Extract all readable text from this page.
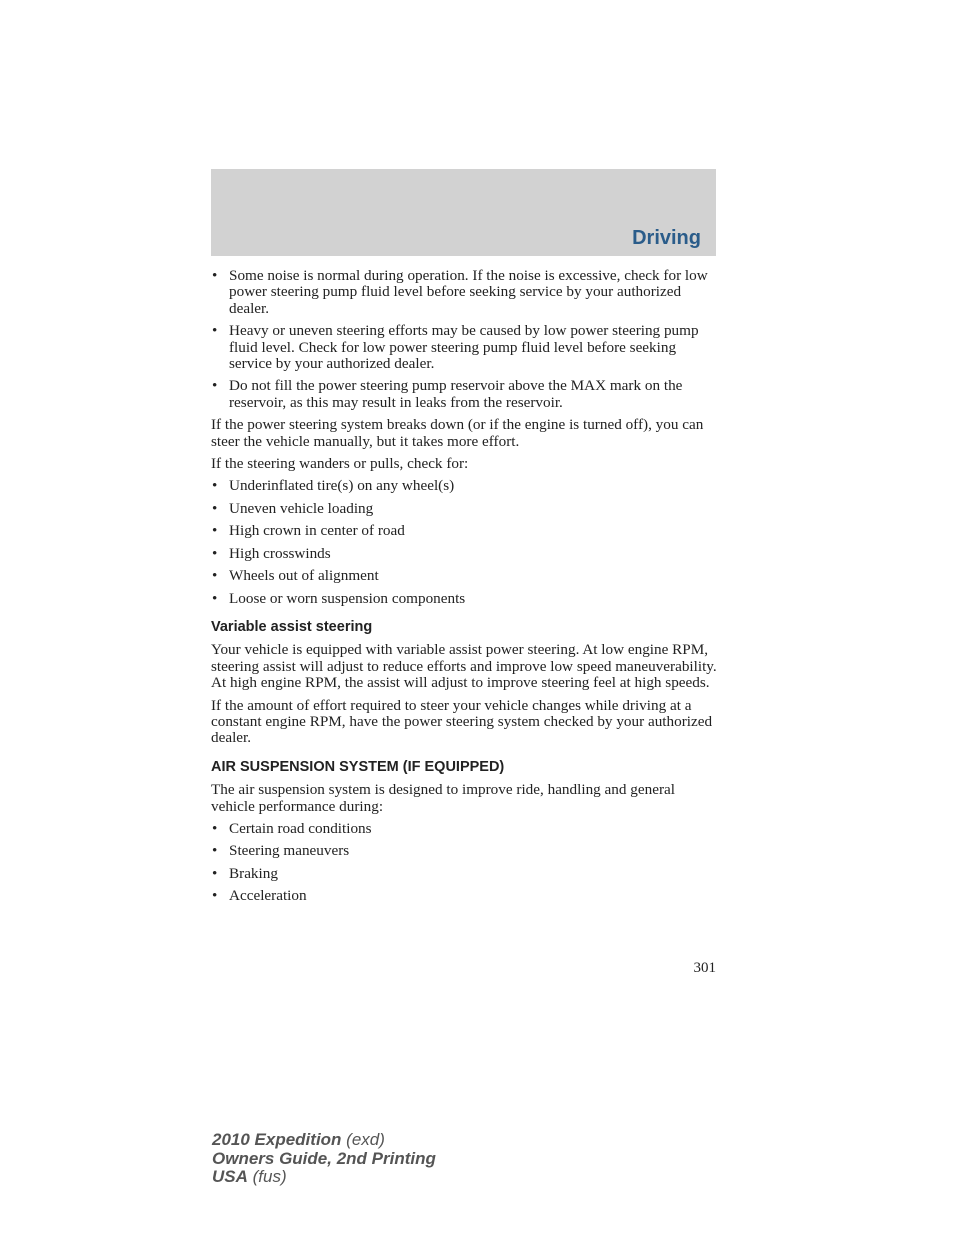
Driving
• Some noise is normal during operation. If the noise is excessive, check for low power steering pump fluid level before seeking service by your authorized dealer.
• Heavy or uneven steering efforts may be caused by low power steering pump fluid level. Check for low power steering pump fluid level before seeking service by your authorized dealer.
• Do not fill the power steering pump reservoir above the MAX mark on the reservoir, as this may result in leaks from the reservoir.

If the power steering system breaks down (or if the engine is turned off), you can steer the vehicle manually, but it takes more effort.

If the steering wanders or pulls, check for:

• Underinflated tire(s) on any wheel(s)
• Uneven vehicle loading
• High crown in center of road
• High crosswinds
• Wheels out of alignment
• Loose or worn suspension components
Variable assist steering

Your vehicle is equipped with variable assist power steering. At low engine RPM, steering assist will adjust to reduce efforts and improve low speed maneuverability. At high engine RPM, the assist will adjust to improve steering feel at high speeds.

If the amount of effort required to steer your vehicle changes while driving at a constant engine RPM, have the power steering system checked by your authorized dealer.

AIR SUSPENSION SYSTEM (IF EQUIPPED)

The air suspension system is designed to improve ride, handling and general vehicle performance during:

• Certain road conditions
• Steering maneuvers
• Braking
• Acceleration
301
2010 Expedition (exd)
Owners Guide, 2nd Printing
USA (fus)
